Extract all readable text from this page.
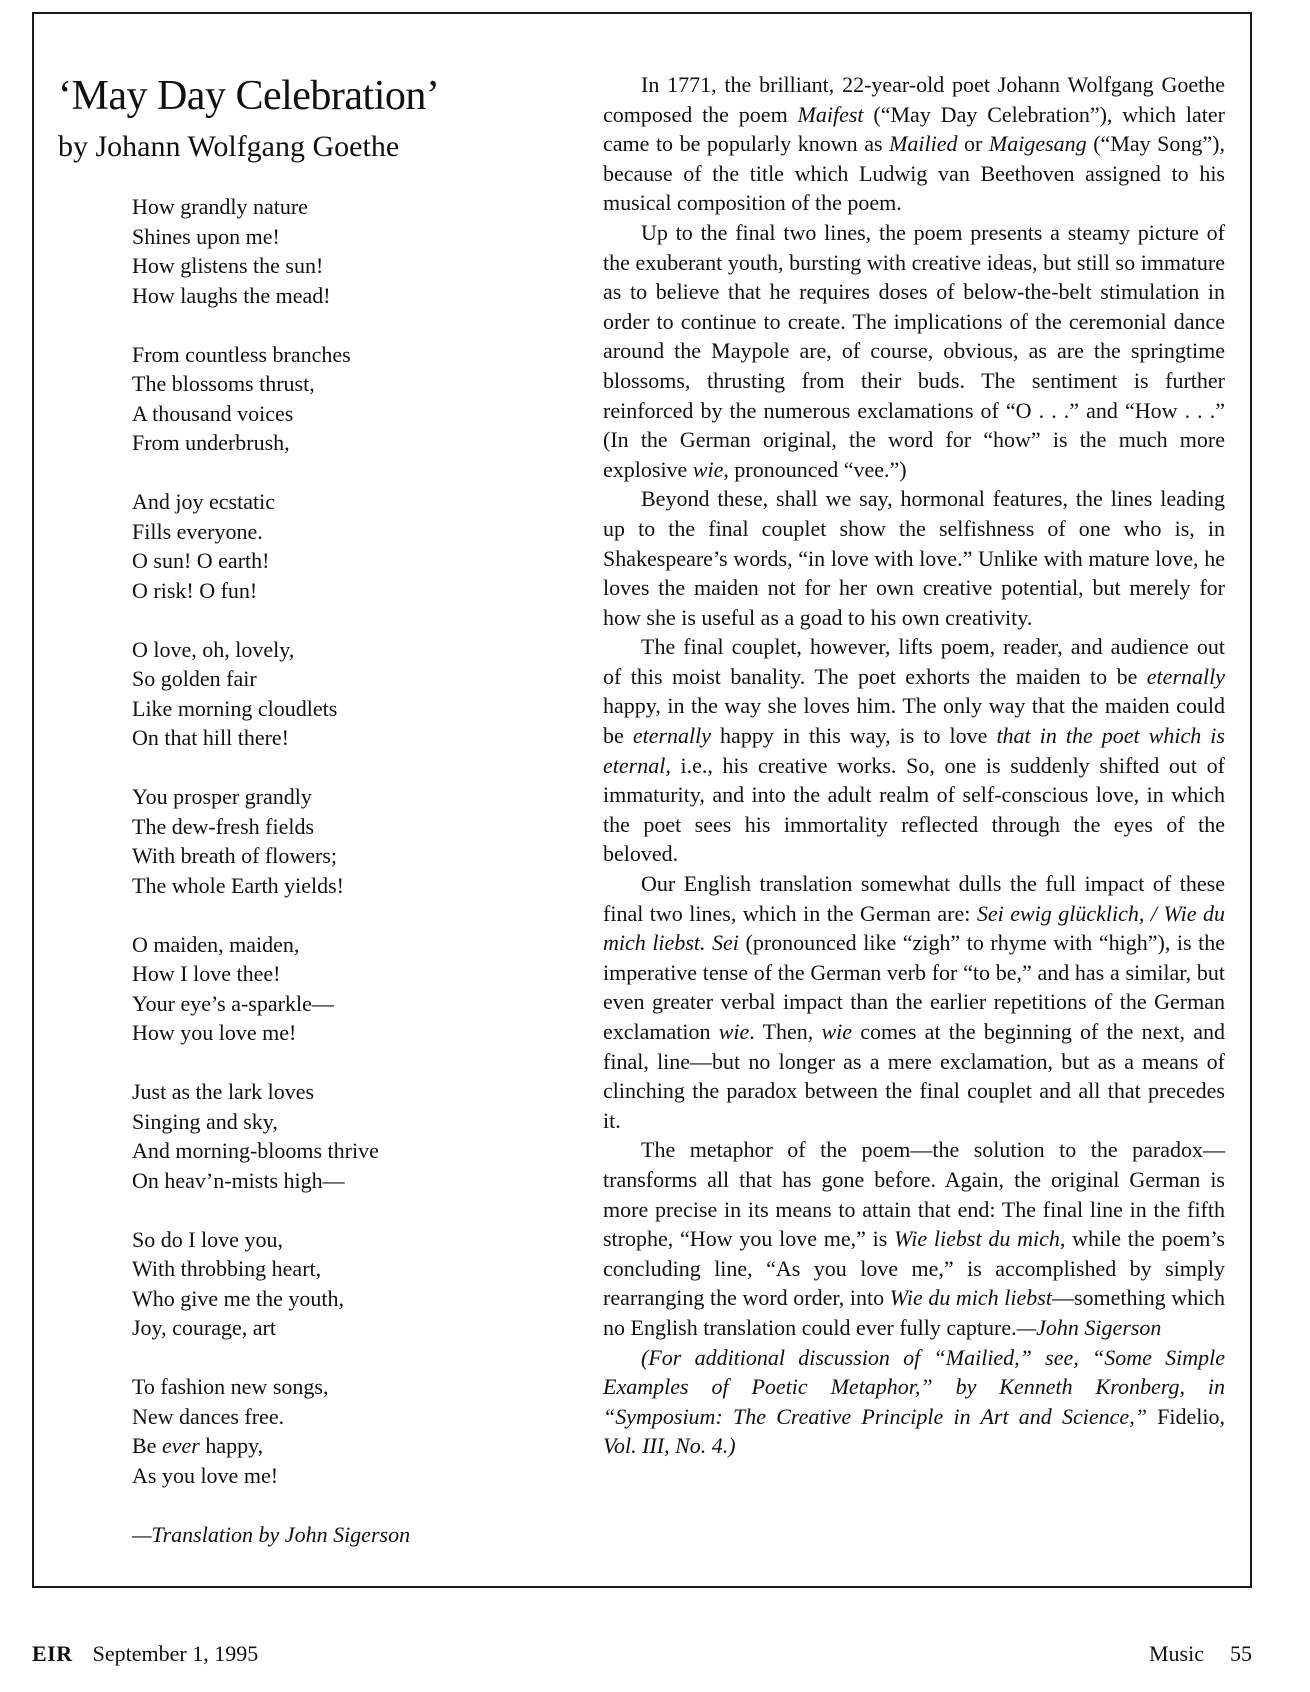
‘May Day Celebration’
by Johann Wolfgang Goethe
How grandly nature
Shines upon me!
How glistens the sun!
How laughs the mead!
From countless branches
The blossoms thrust,
A thousand voices
From underbrush,
And joy ecstatic
Fills everyone.
O sun! O earth!
O risk! O fun!
O love, oh, lovely,
So golden fair
Like morning cloudlets
On that hill there!
You prosper grandly
The dew-fresh fields
With breath of flowers;
The whole Earth yields!
O maiden, maiden,
How I love thee!
Your eye’s a-sparkle—
How you love me!
Just as the lark loves
Singing and sky,
And morning-blooms thrive
On heav’n-mists high—
So do I love you,
With throbbing heart,
Who give me the youth,
Joy, courage, art
To fashion new songs,
New dances free.
Be ever happy,
As you love me!
—Translation by John Sigerson

In 1771, the brilliant, 22-year-old poet Johann Wolfgang Goethe composed the poem Maifest (“May Day Celebration”), which later came to be popularly known as Mailied or Maigesang (“May Song”), because of the title which Ludwig van Beethoven assigned to his musical composition of the poem.

Up to the final two lines, the poem presents a steamy picture of the exuberant youth, bursting with creative ideas, but still so immature as to believe that he requires doses of below-the-belt stimulation in order to continue to create. The implications of the ceremonial dance around the Maypole are, of course, obvious, as are the springtime blossoms, thrusting from their buds. The sentiment is further reinforced by the numerous exclamations of “O . . .” and “How . . .” (In the German original, the word for “how” is the much more explosive wie, pronounced “vee.”)

Beyond these, shall we say, hormonal features, the lines leading up to the final couplet show the selfishness of one who is, in Shakespeare’s words, “in love with love.” Unlike with mature love, he loves the maiden not for her own creative potential, but merely for how she is useful as a goad to his own creativity.

The final couplet, however, lifts poem, reader, and audience out of this moist banality. The poet exhorts the maiden to be eternally happy, in the way she loves him. The only way that the maiden could be eternally happy in this way, is to love that in the poet which is eternal, i.e., his creative works. So, one is suddenly shifted out of immaturity, and into the adult realm of self-conscious love, in which the poet sees his immortality reflected through the eyes of the beloved.

Our English translation somewhat dulls the full impact of these final two lines, which in the German are: Sei ewig glücklich, / Wie du mich liebst. Sei (pronounced like “zigh” to rhyme with “high”), is the imperative tense of the German verb for “to be,” and has a similar, but even greater verbal impact than the earlier repetitions of the German exclamation wie. Then, wie comes at the beginning of the next, and final, line—but no longer as a mere exclamation, but as a means of clinching the paradox between the final couplet and all that precedes it.

The metaphor of the poem—the solution to the paradox—transforms all that has gone before. Again, the original German is more precise in its means to attain that end: The final line in the fifth strophe, “How you love me,” is Wie liebst du mich, while the poem’s concluding line, “As you love me,” is accomplished by simply rearranging the word order, into Wie du mich liebst—something which no English translation could ever fully capture.—John Sigerson

(For additional discussion of “Mailied,” see, “Some Simple Examples of Poetic Metaphor,” by Kenneth Kronberg, in “Symposium: The Creative Principle in Art and Science,” Fidelio, Vol. III, No. 4.)

EIR September 1, 1995	Music 55
